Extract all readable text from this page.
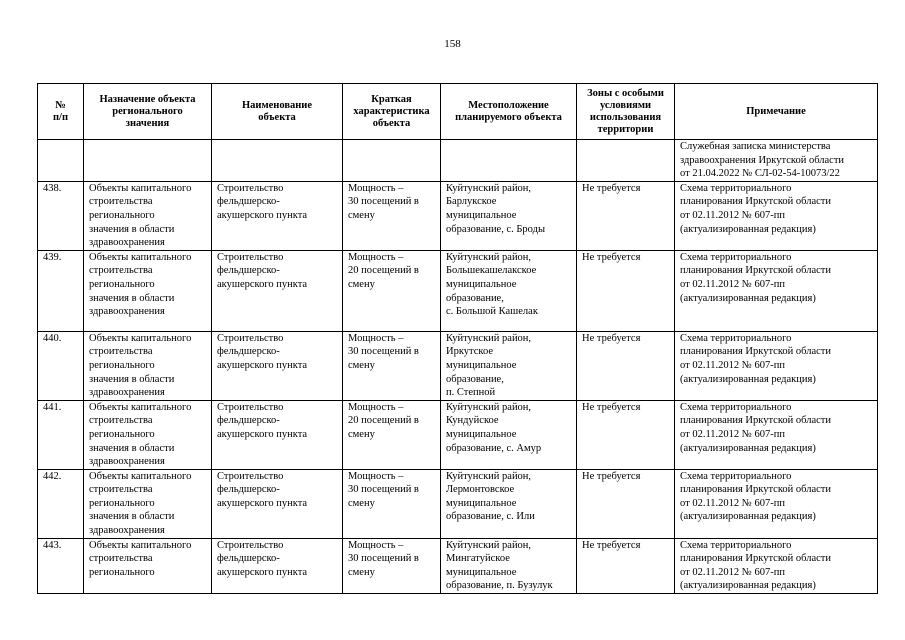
158
№
п/п	Назначение объекта
регионального
значения	Наименование
объекта	Краткая
характеристика
объекта	Местоположение
планируемого объекта	Зоны с особыми
условиями
использования
территории	Примечание

						Служебная записка министерства
здравоохранения Иркутской области
от 21.04.2022 № СЛ-02-54-10073/22

438.	Объекты капитального
строительства
регионального
значения в области
здравоохранения	Строительство
фельдшерско-
акушерского пункта	Мощность –
30 посещений в
смену	Куйтунский район,
Барлукское
муниципальное
образование, с. Броды	Не требуется	Схема территориального
планирования Иркутской области
от 02.11.2012 № 607-пп
(актуализированная редакция)

439.	Объекты капитального
строительства
регионального
значения в области
здравоохранения	Строительство
фельдшерско-
акушерского пункта	Мощность –
20 посещений в
смену	Куйтунский район,
Большекашелакское
муниципальное
образование,
с. Большой Кашелак	Не требуется	Схема территориального
планирования Иркутской области
от 02.11.2012 № 607-пп
(актуализированная редакция)

440.	Объекты капитального
строительства
регионального
значения в области
здравоохранения	Строительство
фельдшерско-
акушерского пункта	Мощность –
30 посещений в
смену	Куйтунский район,
Иркутское
муниципальное
образование,
п. Степной	Не требуется	Схема территориального
планирования Иркутской области
от 02.11.2012 № 607-пп
(актуализированная редакция)

441.	Объекты капитального
строительства
регионального
значения в области
здравоохранения	Строительство
фельдшерско-
акушерского пункта	Мощность –
20 посещений в
смену	Куйтунский район,
Кундуйское
муниципальное
образование, с. Амур	Не требуется	Схема территориального
планирования Иркутской области
от 02.11.2012 № 607-пп
(актуализированная редакция)

442.	Объекты капитального
строительства
регионального
значения в области
здравоохранения	Строительство
фельдшерско-
акушерского пункта	Мощность –
30 посещений в
смену	Куйтунский район,
Лермонтовское
муниципальное
образование, с. Или	Не требуется	Схема территориального
планирования Иркутской области
от 02.11.2012 № 607-пп
(актуализированная редакция)

443.	Объекты капитального
строительства
регионального	Строительство
фельдшерско-
акушерского пункта	Мощность –
30 посещений в
смену	Куйтунский район,
Мингатуйское
муниципальное
образование, п. Бузулук	Не требуется	Схема территориального
планирования Иркутской области
от 02.11.2012 № 607-пп
(актуализированная редакция)
